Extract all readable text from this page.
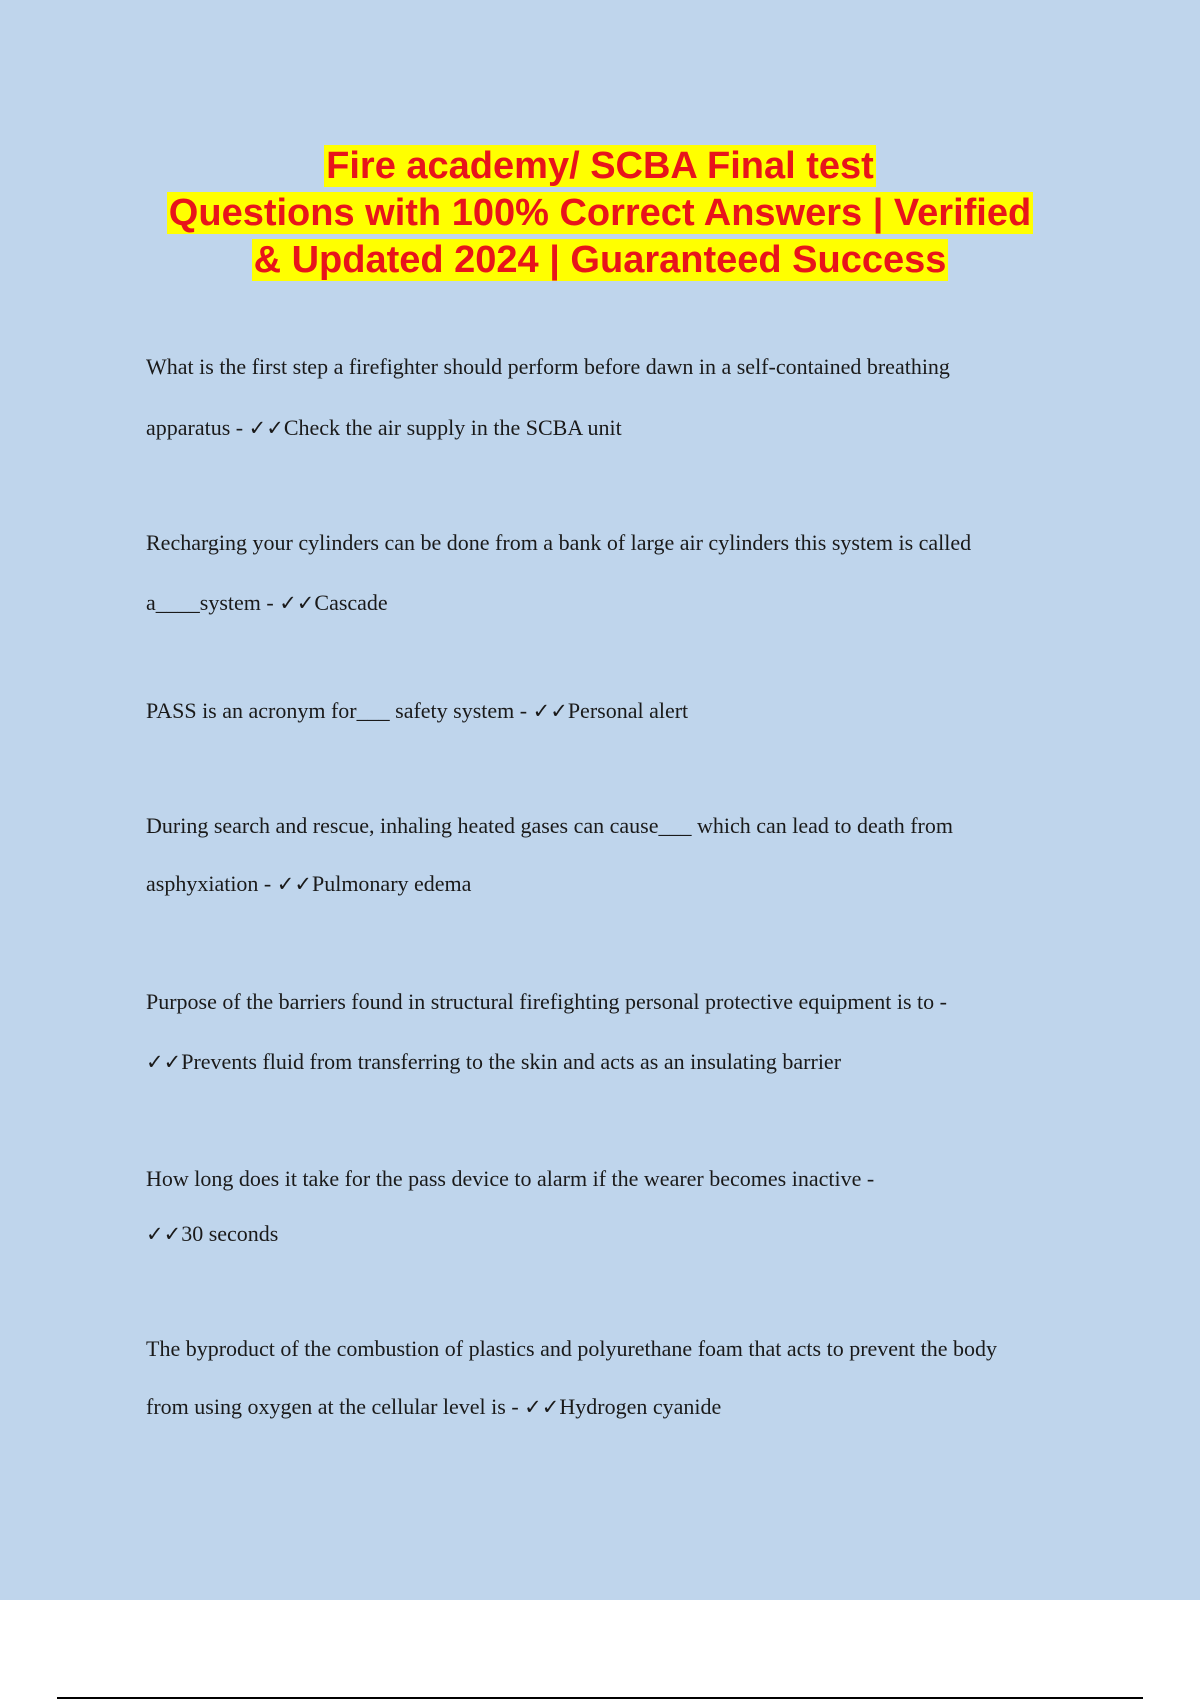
Fire academy/ SCBA Final test
Questions with 100% Correct Answers | Verified
& Updated 2024 | Guaranteed Success
What is the first step a firefighter should perform before dawn in a self-contained breathing
apparatus - ✓✓Check the air supply in the SCBA unit
Recharging your cylinders can be done from a bank of large air cylinders this system is called
a____system - ✓✓Cascade
PASS is an acronym for___ safety system - ✓✓Personal alert
During search and rescue, inhaling heated gases can cause___ which can lead to death from
asphyxiation - ✓✓Pulmonary edema
Purpose of the barriers found in structural firefighting personal protective equipment is to -
✓✓Prevents fluid from transferring to the skin and acts as an insulating barrier
How long does it take for the pass device to alarm if the wearer becomes inactive -
✓✓30 seconds
The byproduct of the combustion of plastics and polyurethane foam that acts to prevent the body
from using oxygen at the cellular level is - ✓✓Hydrogen cyanide
